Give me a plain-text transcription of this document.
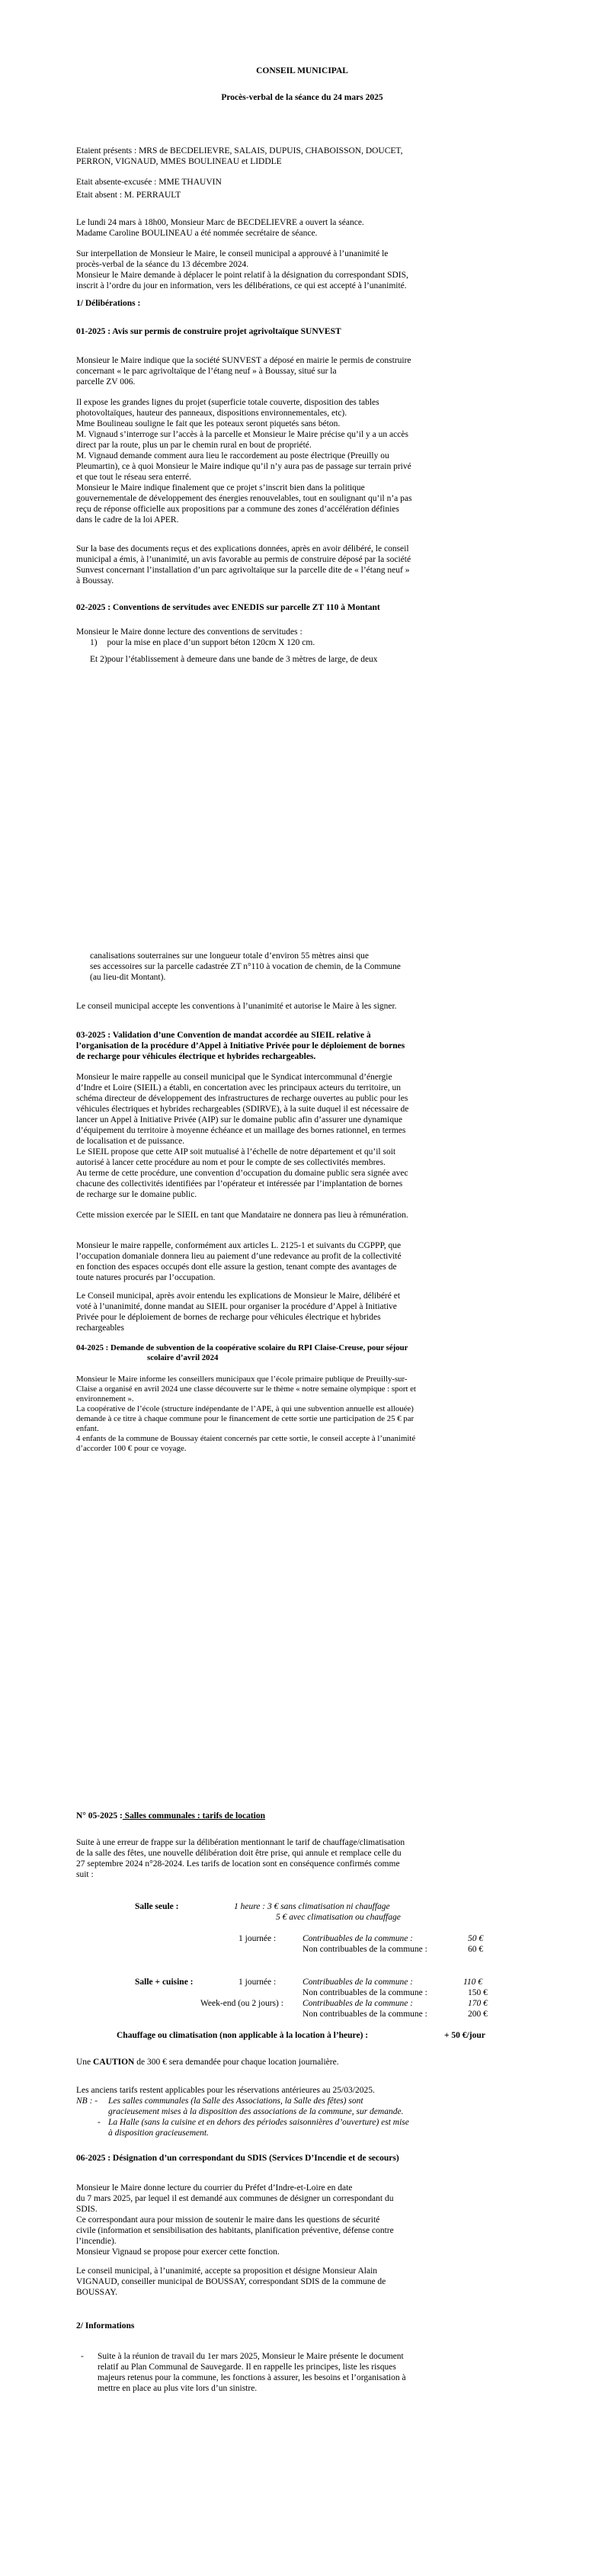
CONSEIL MUNICIPAL
Procès-verbal de la séance du 24 mars 2025

Etaient présents : MRS de BECDELIEVRE, SALAIS, DUPUIS, CHABOISSON, DOUCET,

PERRON, VIGNAUD, MMES BOULINEAU et LIDDLE

Etait absente-excusée : MME THAUVIN

Etait absent : M. PERRAULT

Le lundi 24 mars à 18h00, Monsieur Marc de BECDELIEVRE a ouvert la séance.

Madame Caroline BOULINEAU a été nommée secrétaire de séance.

Sur interpellation de Monsieur le Maire, le conseil municipal a approuvé à l’unanimité le

procès-verbal de la séance du 13 décembre 2024.

Monsieur le Maire demande à déplacer le point relatif à la désignation du correspondant SDIS,

inscrit à l’ordre du jour en information, vers les délibérations, ce qui est accepté à l’unanimité.

1/ Délibérations :
01-2025 : Avis sur permis de construire projet agrivoltaïque SUNVEST

Monsieur le Maire indique que la société SUNVEST a déposé en mairie le permis de construire

concernant « le parc agrivoltaïque de l’étang neuf » à Boussay, situé sur la

parcelle ZV 006.

Il expose les grandes lignes du projet (superficie totale couverte, disposition des tables

photovoltaïques, hauteur des panneaux, dispositions environnementales, etc).

Mme Boulineau souligne le fait que les poteaux seront piquetés sans béton.

M. Vignaud s’interroge sur l’accès à la parcelle et Monsieur le Maire précise qu’il y a un accès

direct par la route, plus un par le chemin rural en bout de propriété.

M. Vignaud demande comment aura lieu le raccordement au poste électrique (Preuilly ou

Pleumartin), ce à quoi Monsieur le Maire indique qu’il n’y aura pas de passage sur terrain privé

et que tout le réseau sera enterré.

Monsieur le Maire indique finalement que ce projet s’inscrit bien dans la politique

gouvernementale de développement des énergies renouvelables, tout en soulignant qu’il n’a pas

reçu de réponse officielle aux propositions par a commune des zones d’accélération définies

dans le cadre de la loi APER.

Sur la base des documents reçus et des explications données, après en avoir délibéré, le conseil

municipal a émis, à l’unanimité, un avis favorable au permis de construire déposé par la société

Sunvest concernant l’installation d’un parc agrivoltaïque sur la parcelle dite de « l’étang neuf »

à Boussay.

02-2025 : Conventions de servitudes avec ENEDIS sur parcelle ZT 110 à Montant
Monsieur le Maire donne lecture des conventions de servitudes :
1) pour la mise en place d’un support béton 120cm X 120 cm.
Et 2)pour l’établissement à demeure dans une bande de 3 mètres de large, de deux

canalisations souterraines sur une longueur totale d’environ 55 mètres ainsi que

ses accessoires sur la parcelle cadastrée ZT n°110 à vocation de chemin, de la Commune

(au lieu-dit Montant).

Le conseil municipal accepte les conventions à l’unanimité et autorise le Maire à les signer.

03-2025 : Validation d’une Convention de mandat accordée au SIEIL relative à

l’organisation de la procédure d’Appel à Initiative Privée pour le déploiement de bornes

de recharge pour véhicules électrique et hybrides rechargeables.

Monsieur le maire rappelle au conseil municipal que le Syndicat intercommunal d’énergie

d’Indre et Loire (SIEIL) a établi, en concertation avec les principaux acteurs du territoire, un

schéma directeur de développement des infrastructures de recharge ouvertes au public pour les

véhicules électriques et hybrides rechargeables (SDIRVE), à la suite duquel il est nécessaire de

lancer un Appel à Initiative Privée (AIP) sur le domaine public afin d’assurer une dynamique

d’équipement du territoire à moyenne échéance et un maillage des bornes rationnel, en termes

de localisation et de puissance.

Le SIEIL propose que cette AIP soit mutualisé à l’échelle de notre département et qu’il soit

autorisé à lancer cette procédure au nom et pour le compte de ses collectivités membres.

Au terme de cette procédure, une convention d’occupation du domaine public sera signée avec

chacune des collectivités identifiées par l’opérateur et intéressée par l’implantation de bornes

de recharge sur le domaine public.

Cette mission exercée par le SIEIL en tant que Mandataire ne donnera pas lieu à rémunération.

Monsieur le maire rappelle, conformément aux articles L. 2125-1 et suivants du CGPPP, que

l’occupation domaniale donnera lieu au paiement d’une redevance au profit de la collectivité

en fonction des espaces occupés dont elle assure la gestion, tenant compte des avantages de

toute natures procurés par l’occupation.

Le Conseil municipal, après avoir entendu les explications de Monsieur le Maire, délibéré et

voté à l’unanimité, donne mandat au SIEIL pour organiser la procédure d’Appel à Initiative

Privée pour le déploiement de bornes de recharge pour véhicules électrique et hybrides

rechargeables

04-2025 : Demande de subvention de la coopérative scolaire du RPI Claise-Creuse, pour séjour

scolaire d’avril 2024

Monsieur le Maire informe les conseillers municipaux que l’école primaire publique de Preuilly-sur-

Claise a organisé en avril 2024 une classe découverte sur le thème « notre semaine olympique : sport et

environnement ».

La coopérative de l’école (structure indépendante de l’APE, à qui une subvention annuelle est allouée)

demande à ce titre à chaque commune pour le financement de cette sortie une participation de 25 € par

enfant.

4 enfants de la commune de Boussay étaient concernés par cette sortie, le conseil accepte à l’unanimité

d’accorder 100 € pour ce voyage.

N° 05-2025 : Salles communales : tarifs de location

Suite à une erreur de frappe sur la délibération mentionnant le tarif de chauffage/climatisation

de la salle des fêtes, une nouvelle délibération doit être prise, qui annule et remplace celle du

27 septembre 2024 n°28-2024. Les tarifs de location sont en conséquence confirmés comme

suit :

Salle seule :	1 heure : 3 € sans climatisation ni chauffage
5 € avec climatisation ou chauffage
1 journée :	Contribuables de la commune :	50 €
Non contribuables de la commune :	60 €
Salle + cuisine :	1 journée :	Contribuables de la commune :	110 €
Non contribuables de la commune :	150 €
Week-end (ou 2 jours) : Contribuables de la commune :	170 €
Non contribuables de la commune :	200 €
Chauffage ou climatisation (non applicable à la location à l’heure) :	+ 50 €/jour
Une CAUTION de 300 € sera demandée pour chaque location journalière.
Les anciens tarifs restent applicables pour les réservations antérieures au 25/03/2025.
NB : - Les salles communales (la Salle des Associations, la Salle des fêtes) sont

gracieusement mises à la disposition des associations de la commune, sur demande.

- La Halle (sans la cuisine et en dehors des périodes saisonnières d’ouverture) est mise

à disposition gracieusement.

06-2025 : Désignation d’un correspondant du SDIS (Services D’Incendie et de secours)

Monsieur le Maire donne lecture du courrier du Préfet d’Indre-et-Loire en date

du 7 mars 2025, par lequel il est demandé aux communes de désigner un correspondant du

SDIS.

Ce correspondant aura pour mission de soutenir le maire dans les questions de sécurité

civile (information et sensibilisation des habitants, planification préventive, défense contre

l’incendie).

Monsieur Vignaud se propose pour exercer cette fonction.

Le conseil municipal, à l’unanimité, accepte sa proposition et désigne Monsieur Alain

VIGNAUD, conseiller municipal de BOUSSAY, correspondant SDIS de la commune de

BOUSSAY.

2/ Informations
-	Suite à la réunion de travail du 1er mars 2025, Monsieur le Maire présente le document

relatif au Plan Communal de Sauvegarde. Il en rappelle les principes, liste les risques

majeurs retenus pour la commune, les fonctions à assurer, les besoins et l’organisation à

mettre en place au plus vite lors d’un sinistre.
